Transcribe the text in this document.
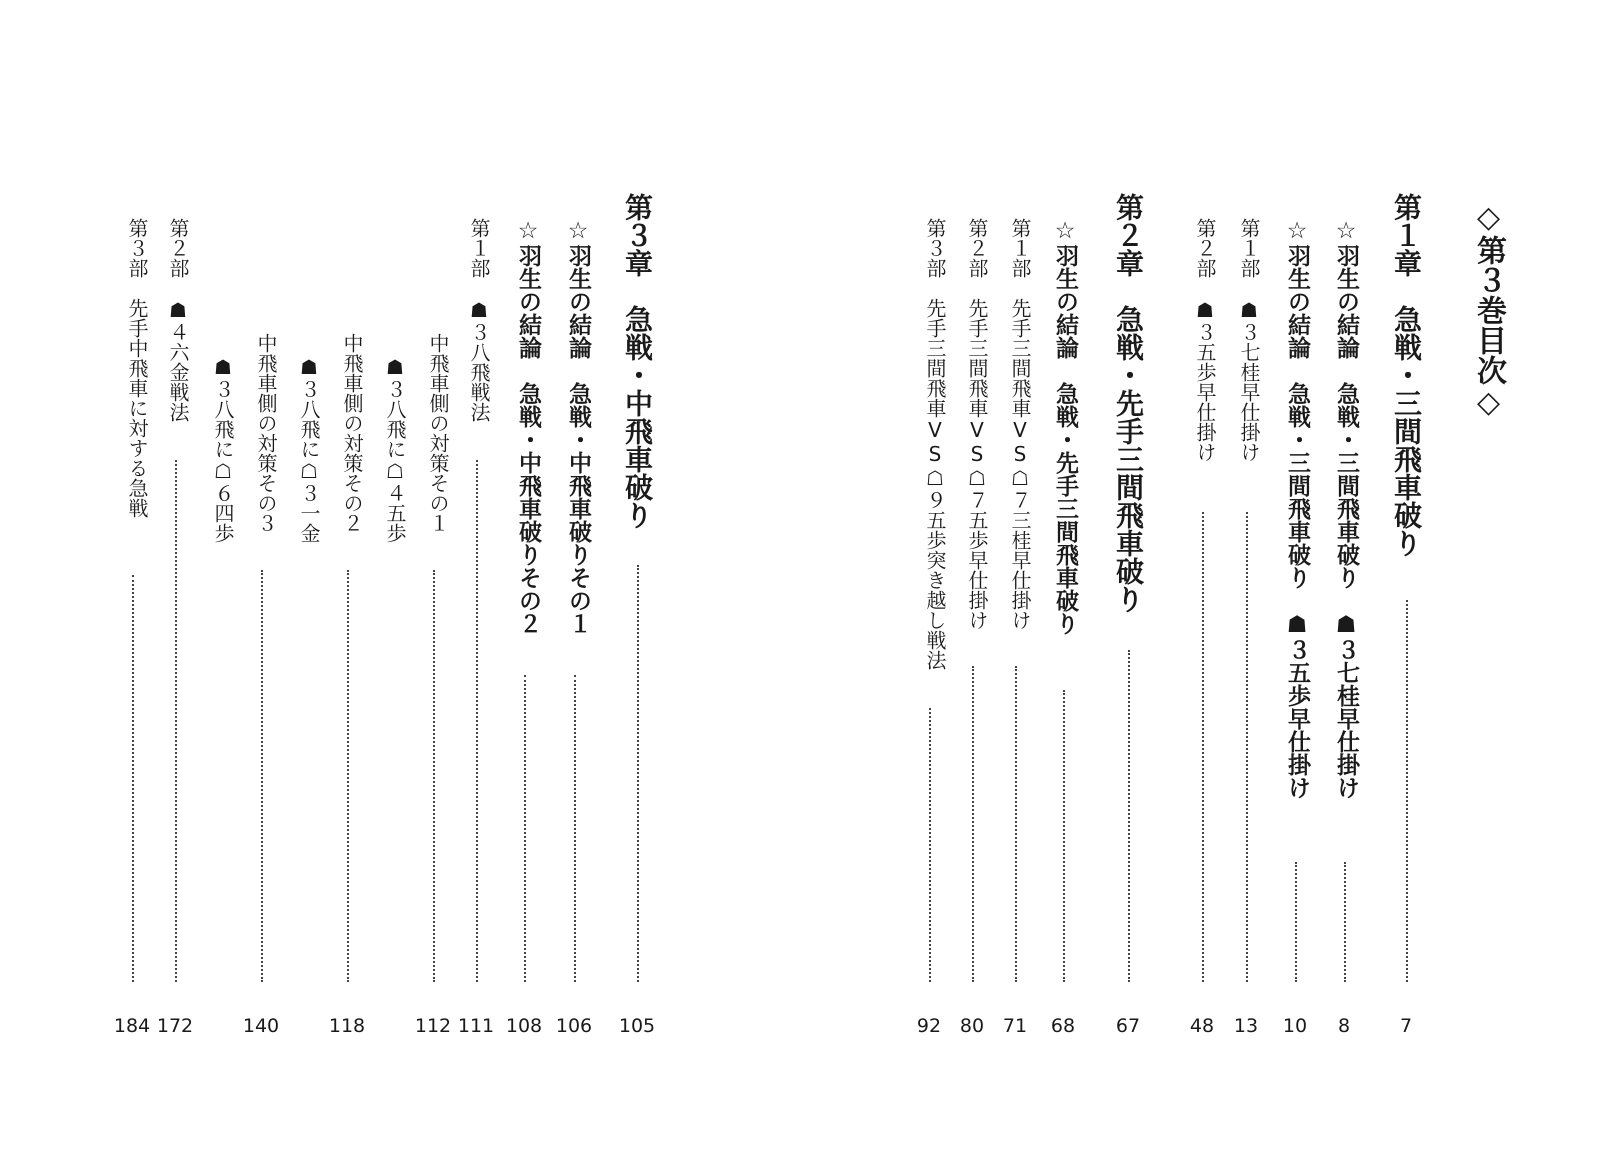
◇第３巻目次◇
第１章　急戦・三間飛車破り
7
☆羽生の結論　急戦・三間飛車破り　☗３七桂早仕掛け
8
☆羽生の結論　急戦・三間飛車破り　☗３五歩早仕掛け
10
第１部　☗３七桂早仕掛け
13
第２部　☗３五歩早仕掛け
48
第２章　急戦・先手三間飛車破り
67
☆羽生の結論　急戦・先手三間飛車破り
68
第１部　先手三間飛車VS☖７三桂早仕掛け
71
第２部　先手三間飛車VS☖７五歩早仕掛け
80
第３部　先手三間飛車VS☖９五歩突き越し戦法
92
第３章　急戦・中飛車破り
105
☆羽生の結論　急戦・中飛車破りその１
106
☆羽生の結論　急戦・中飛車破りその２
108
第１部　☗３八飛戦法
111
中飛車側の対策その１
112
☗３八飛に☖４五歩
中飛車側の対策その２
118
☗３八飛に☖３一金
中飛車側の対策その３
140
☗３八飛に☖６四歩
第２部　☗４六金戦法
172
第３部　先手中飛車に対する急戦
184
